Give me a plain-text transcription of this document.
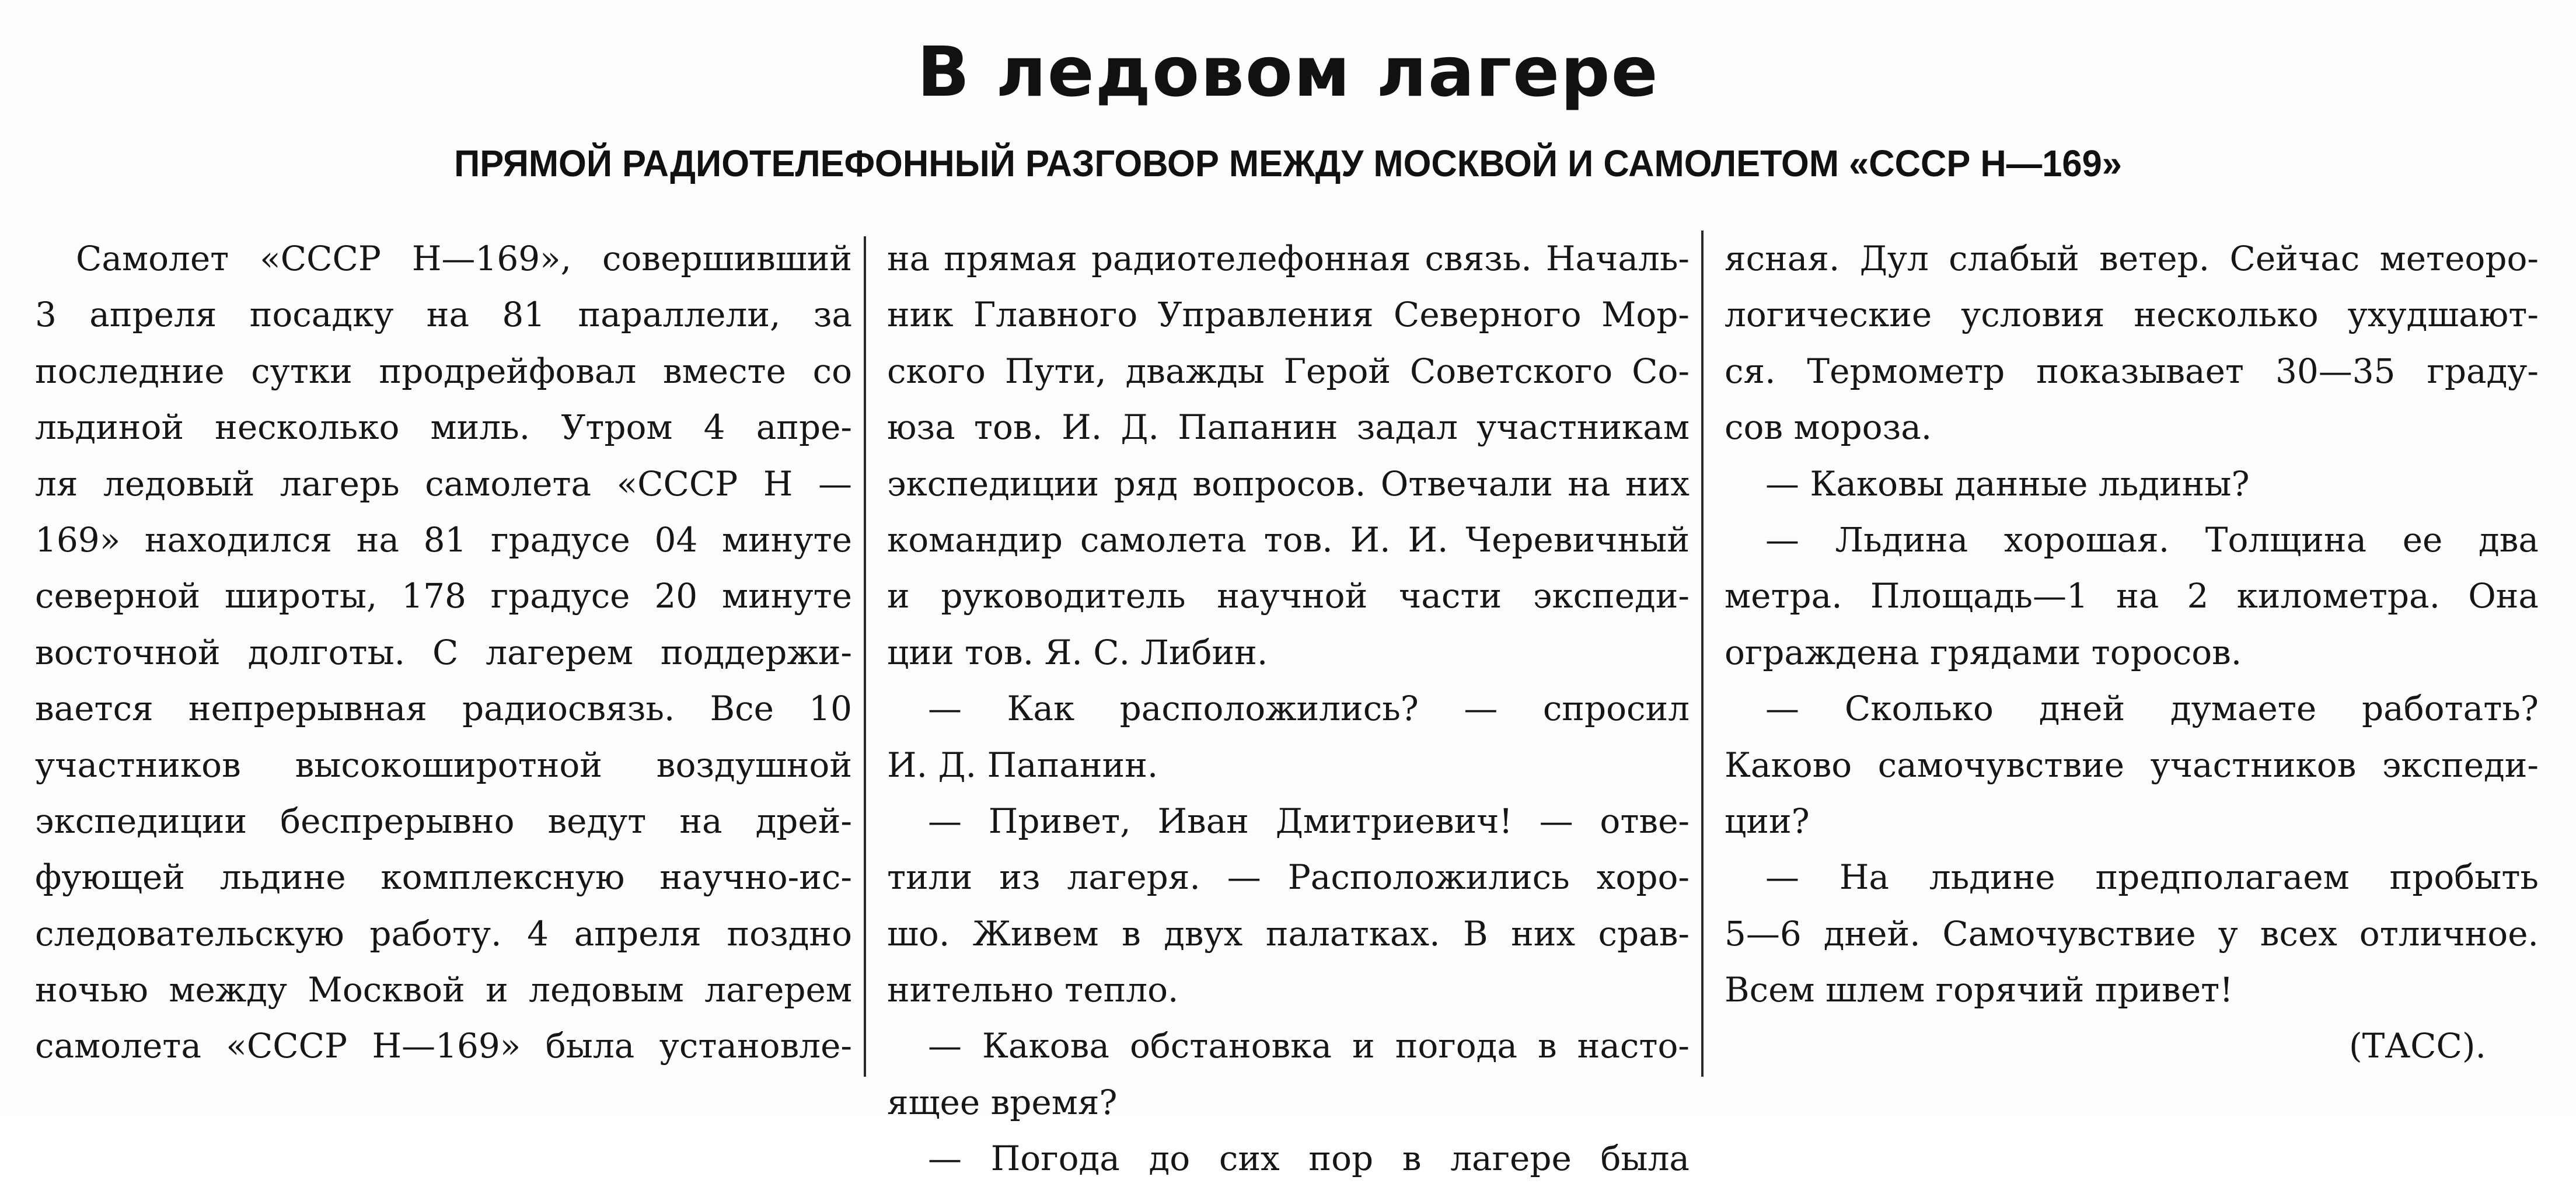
В ледовом лагере
ПРЯМОЙ РАДИОТЕЛЕФОННЫЙ РАЗГОВОР МЕЖДУ МОСКВОЙ И САМОЛЕТОМ «СССР Н—169»
Самолет «СССР Н—169», совершивший
3 апреля посадку на 81 параллели, за
последние сутки продрейфовал вместе со
льдиной несколько миль. Утром 4 апре-
ля ледовый лагерь самолета «СССР Н —
169» находился на 81 градусе 04 минуте
северной широты, 178 градусе 20 минуте
восточной долготы. С лагерем поддержи-
вается непрерывная радиосвязь. Все 10
участников высокоширотной воздушной
экспедиции беспрерывно ведут на дрей-
фующей льдине комплексную научно-ис-
следовательскую работу. 4 апреля поздно
ночью между Москвой и ледовым лагерем
самолета «СССР Н—169» была установле-
на прямая радиотелефонная связь. Началь-
ник Главного Управления Северного Мор-
ского Пути, дважды Герой Советского Со-
юза тов. И. Д. Папанин задал участникам
экспедиции ряд вопросов. Отвечали на них
командир самолета тов. И. И. Черевичный
и руководитель научной части экспеди-
ции тов. Я. С. Либин.
— Как расположились? — спросил
И. Д. Папанин.
— Привет, Иван Дмитриевич! — отве-
тили из лагеря. — Расположились хоро-
шо. Живем в двух палатках. В них срав-
нительно тепло.
— Какова обстановка и погода в насто-
ящее время?
— Погода до сих пор в лагере была
ясная. Дул слабый ветер. Сейчас метеоро-
логические условия несколько ухудшают-
ся. Термометр показывает 30—35 граду-
сов мороза.
— Каковы данные льдины?
— Льдина хорошая. Толщина ее два
метра. Площадь—1 на 2 километра. Она
ограждена грядами торосов.
— Сколько дней думаете работать?
Каково самочувствие участников экспеди-
ции?
— На льдине предполагаем пробыть
5—6 дней. Самочувствие у всех отличное.
Всем шлем горячий привет!
(ТАСС).
